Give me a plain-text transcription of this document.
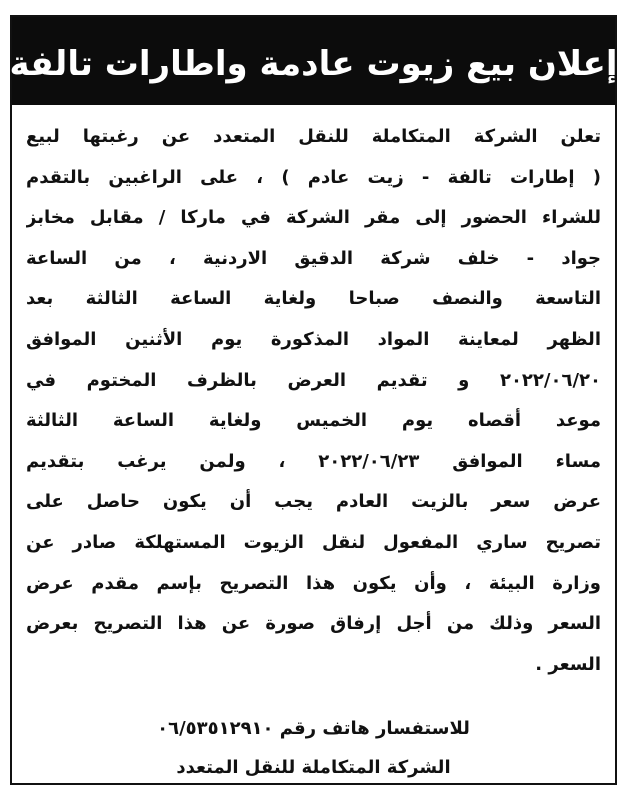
إعلان بيع زيوت عادمة واطارات تالفة
تعلن الشركة المتكاملة للنقل المتعدد عن رغبتها لبيع
( إطارات تالفة - زيت عادم ) ، على الراغبين بالتقدم
للشراء الحضور إلى مقر الشركة في ماركا / مقابل مخابز
جواد - خلف شركة الدقيق الاردنية ، من الساعة
التاسعة والنصف صباحا ولغاية الساعة الثالثة بعد
الظهر لمعاينة المواد المذكورة يوم الأثنين الموافق
٢٠٢٢/٠٦/٢٠ و تقديم العرض بالظرف المختوم في
موعد أقصاه يوم الخميس ولغاية الساعة الثالثة
مساء الموافق ٢٠٢٢/٠٦/٢٣ ، ولمن يرغب بتقديم
عرض سعر بالزيت العادم يجب أن يكون حاصل على
تصريح ساري المفعول لنقل الزيوت المستهلكة صادر عن
وزارة البيئة ، وأن يكون هذا التصريح بإسم مقدم عرض
السعر وذلك من أجل إرفاق صورة عن هذا التصريح بعرض
السعر .
للاستفسار هاتف رقم ٠٦/٥٣٥١٢٩١٠
الشركة المتكاملة للنقل المتعدد
